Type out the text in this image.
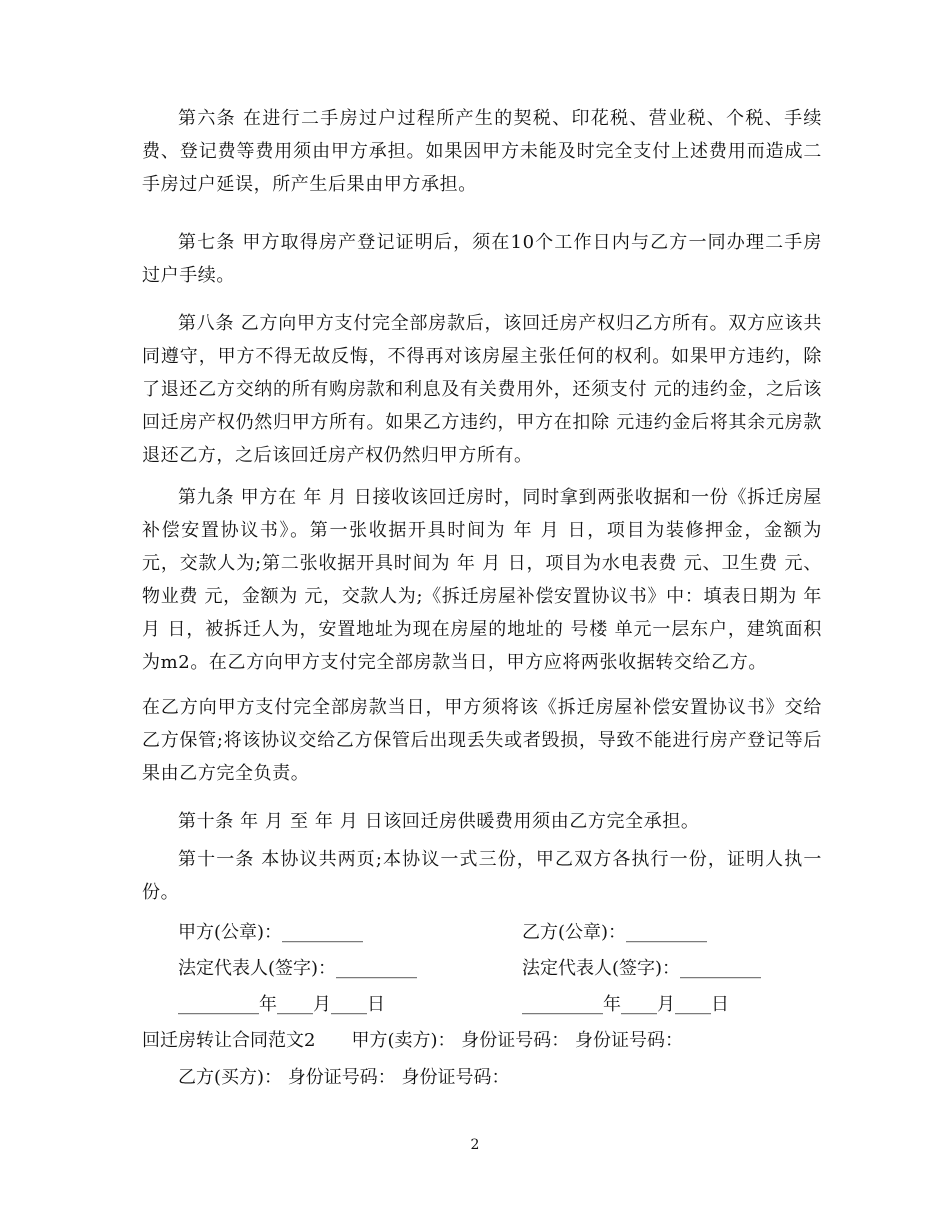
第六条 在进行二手房过户过程所产生的契税、印花税、营业税、个税、手续费、登记费等费用须由甲方承担。如果因甲方未能及时完全支付上述费用而造成二手房过户延误，所产生后果由甲方承担。

第七条 甲方取得房产登记证明后，须在10个工作日内与乙方一同办理二手房过户手续。

第八条 乙方向甲方支付完全部房款后，该回迁房产权归乙方所有。双方应该共同遵守，甲方不得无故反悔，不得再对该房屋主张任何的权利。如果甲方违约，除了退还乙方交纳的所有购房款和利息及有关费用外，还须支付 元的违约金，之后该回迁房产权仍然归甲方所有。如果乙方违约，甲方在扣除 元违约金后将其余元房款退还乙方，之后该回迁房产权仍然归甲方所有。

第九条 甲方在 年 月 日接收该回迁房时，同时拿到两张收据和一份《拆迁房屋补偿安置协议书》。第一张收据开具时间为 年 月 日，项目为装修押金，金额为 元，交款人为;第二张收据开具时间为 年 月 日，项目为水电表费 元、卫生费 元、物业费 元，金额为 元，交款人为;《拆迁房屋补偿安置协议书》中：填表日期为 年 月 日，被拆迁人为，安置地址为现在房屋的地址的 号楼 单元一层东户，建筑面积为m2。在乙方向甲方支付完全部房款当日，甲方应将两张收据转交给乙方。

在乙方向甲方支付完全部房款当日，甲方须将该《拆迁房屋补偿安置协议书》交给乙方保管;将该协议交给乙方保管后出现丢失或者毁损，导致不能进行房产登记等后果由乙方完全负责。

第十条 年 月 至 年 月 日该回迁房供暖费用须由乙方完全承担。

第十一条 本协议共两页;本协议一式三份，甲乙双方各执行一份，证明人执一份。

甲方(公章)：_________	乙方(公章)：_________
法定代表人(签字)：_________	法定代表人(签字)：_________
_________年____月____日	_________年____月____日
回迁房转让合同范文2　　甲方(卖方)： 身份证号码： 身份证号码：
乙方(买方)： 身份证号码： 身份证号码：
2
